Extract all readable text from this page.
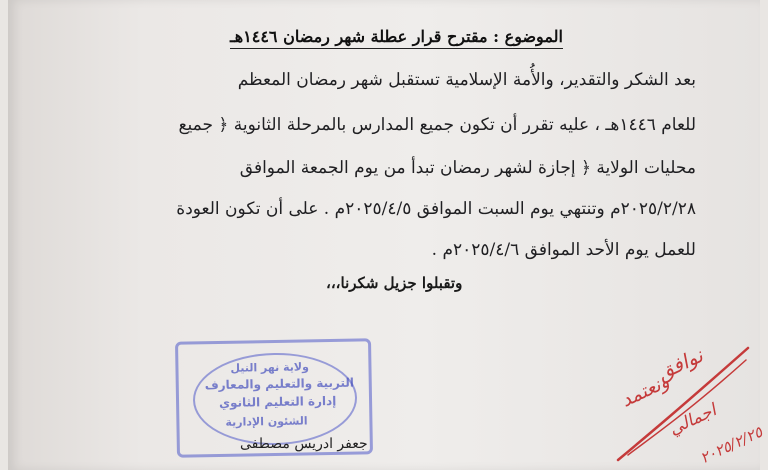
الموضوع : مقترح قرار عطلة شهر رمضان ١٤٤٦هـ
بعد الشكر والتقدير، والأُمة الإسلامية تستقبل شهر رمضان المعظم
للعام ١٤٤٦هـ ، عليه تقرر أن تكون جميع المدارس بالمرحلة الثانوية ﴿ جميع
محليات الولاية ﴿ إجازة لشهر رمضان تبدأ من يوم الجمعة الموافق
٢٠٢٥/٢/٢٨م وتنتهي يوم السبت الموافق ٢٠٢٥/٤/٥م . على أن تكون العودة
للعمل يوم الأحد الموافق ٢٠٢٥/٤/٦م .
وتقبلوا جزيل شكرنا،،،
ولاية نهر النيل
التربية والتعليم والمعارف
إدارة التعليم الثانوي
الشئون الإدارية
جعفر ادريس مصطفى
نوافق
ونعتمد
اجمالي
٢٠٢٥/٢/٢٥
